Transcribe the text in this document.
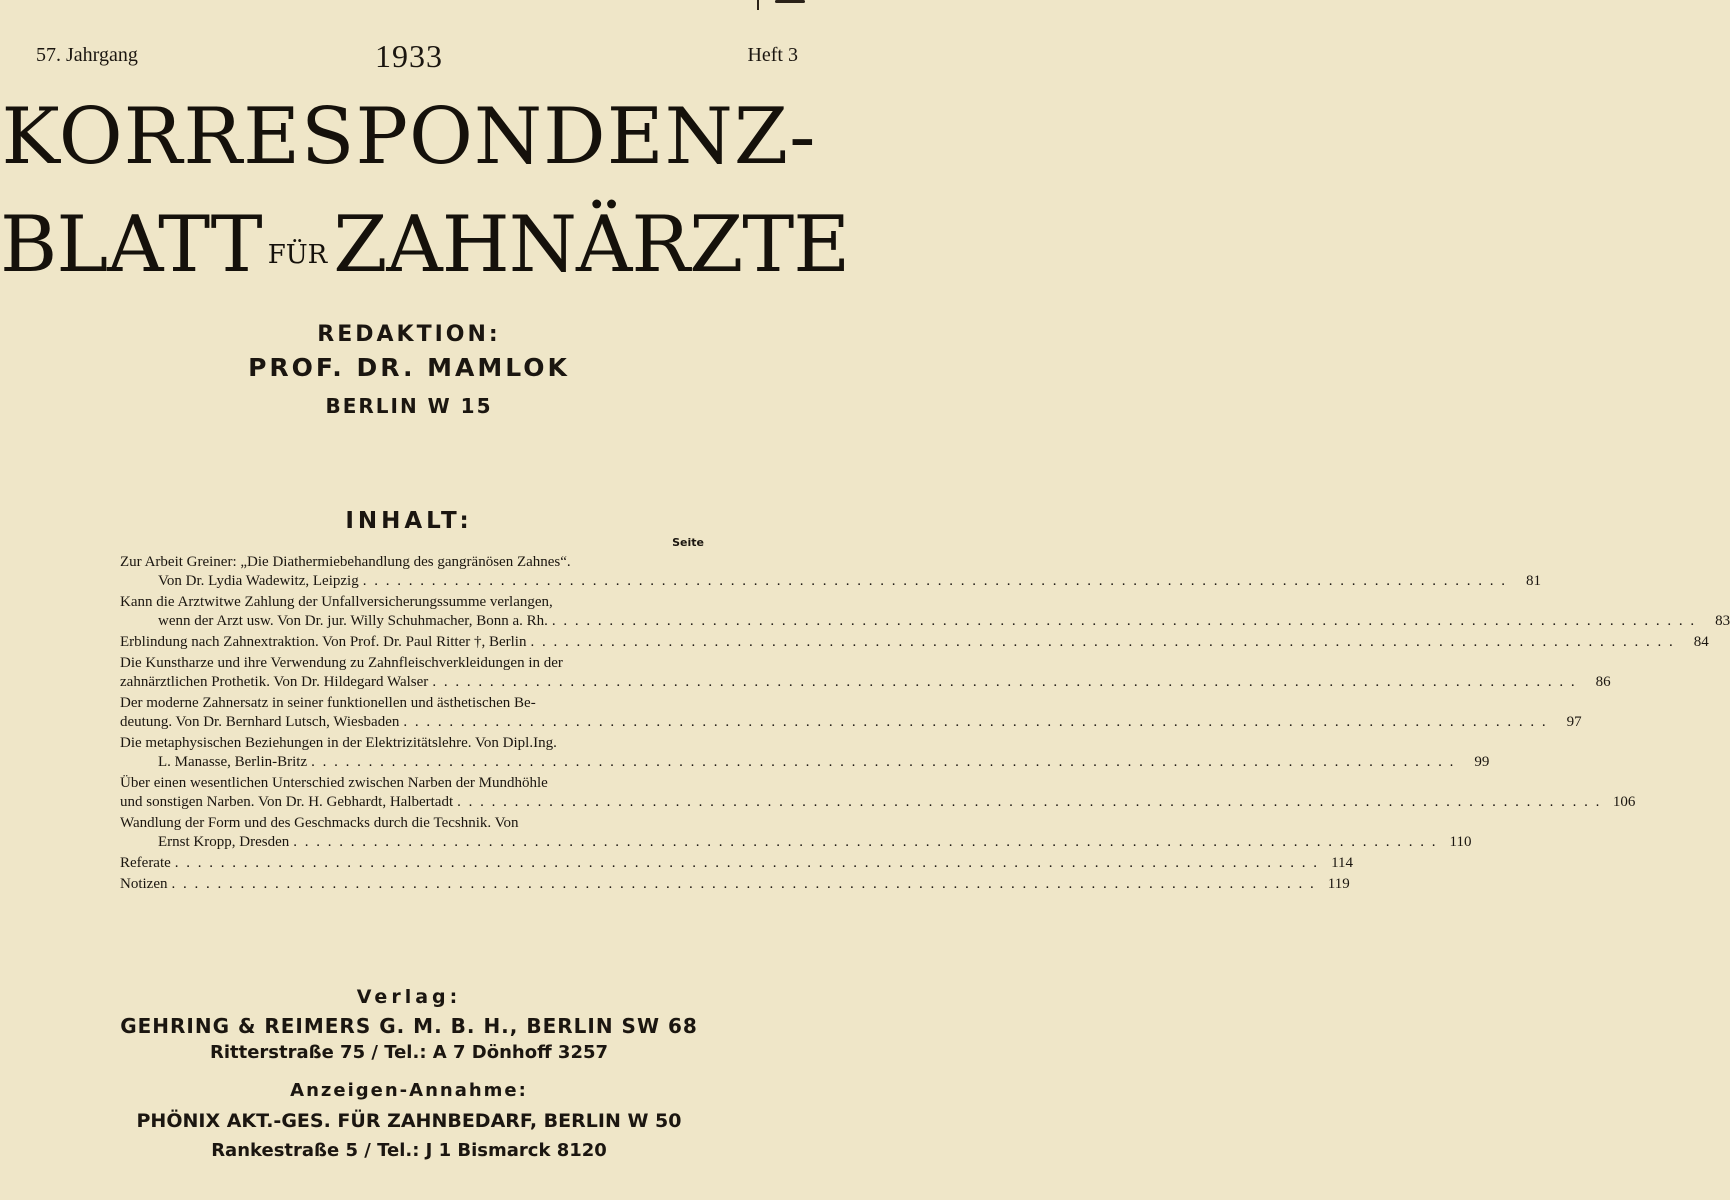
57. Jahrgang	1933	Heft 3
KORRESPONDENZ-
BLATT FÜRZAHNÄRZTE
REDAKTION:
PROF. DR. MAMLOK
BERLIN W 15
INHALT:
Seite
Zur Arbeit Greiner: „Die Diathermiebehandlung des gangränösen Zahnes“.
Von Dr. Lydia Wadewitz, Leipzig . . .	81
Kann die Arztwitwe Zahlung der Unfallversicherungssumme verlangen,
wenn der Arzt usw. Von Dr. jur. Willy Schuhmacher, Bonn a. Rh. . . .	83
Erblindung nach Zahnextraktion. Von Prof. Dr. Paul Ritter †, Berlin . . .	84
Die Kunstharze und ihre Verwendung zu Zahnfleischverkleidungen in der
zahnärztlichen Prothetik. Von Dr. Hildegard Walser . . .	86
Der moderne Zahnersatz in seiner funktionellen und ästhetischen Be-
deutung. Von Dr. Bernhard Lutsch, Wiesbaden . . .	97
Die metaphysischen Beziehungen in der Elektrizitätslehre. Von Dipl.Ing.
L. Manasse, Berlin-Britz . . .	99
Über einen wesentlichen Unterschied zwischen Narben der Mundhöhle
und sonstigen Narben. Von Dr. H. Gebhardt, Halbertadt . . .	106
Wandlung der Form und des Geschmacks durch die Tecshnik. Von
Ernst Kropp, Dresden . . .	110
Referate . . .	114
Notizen . . .	119
Verlag:
GEHRING & REIMERS G. M. B. H., BERLIN SW 68
Ritterstraße 75 / Tel.: A 7 Dönhoff 3257
Anzeigen-Annahme:
PHÖNIX AKT.-GES. FÜR ZAHNBEDARF, BERLIN W 50
Rankestraße 5 / Tel.: J 1 Bismarck 8120
